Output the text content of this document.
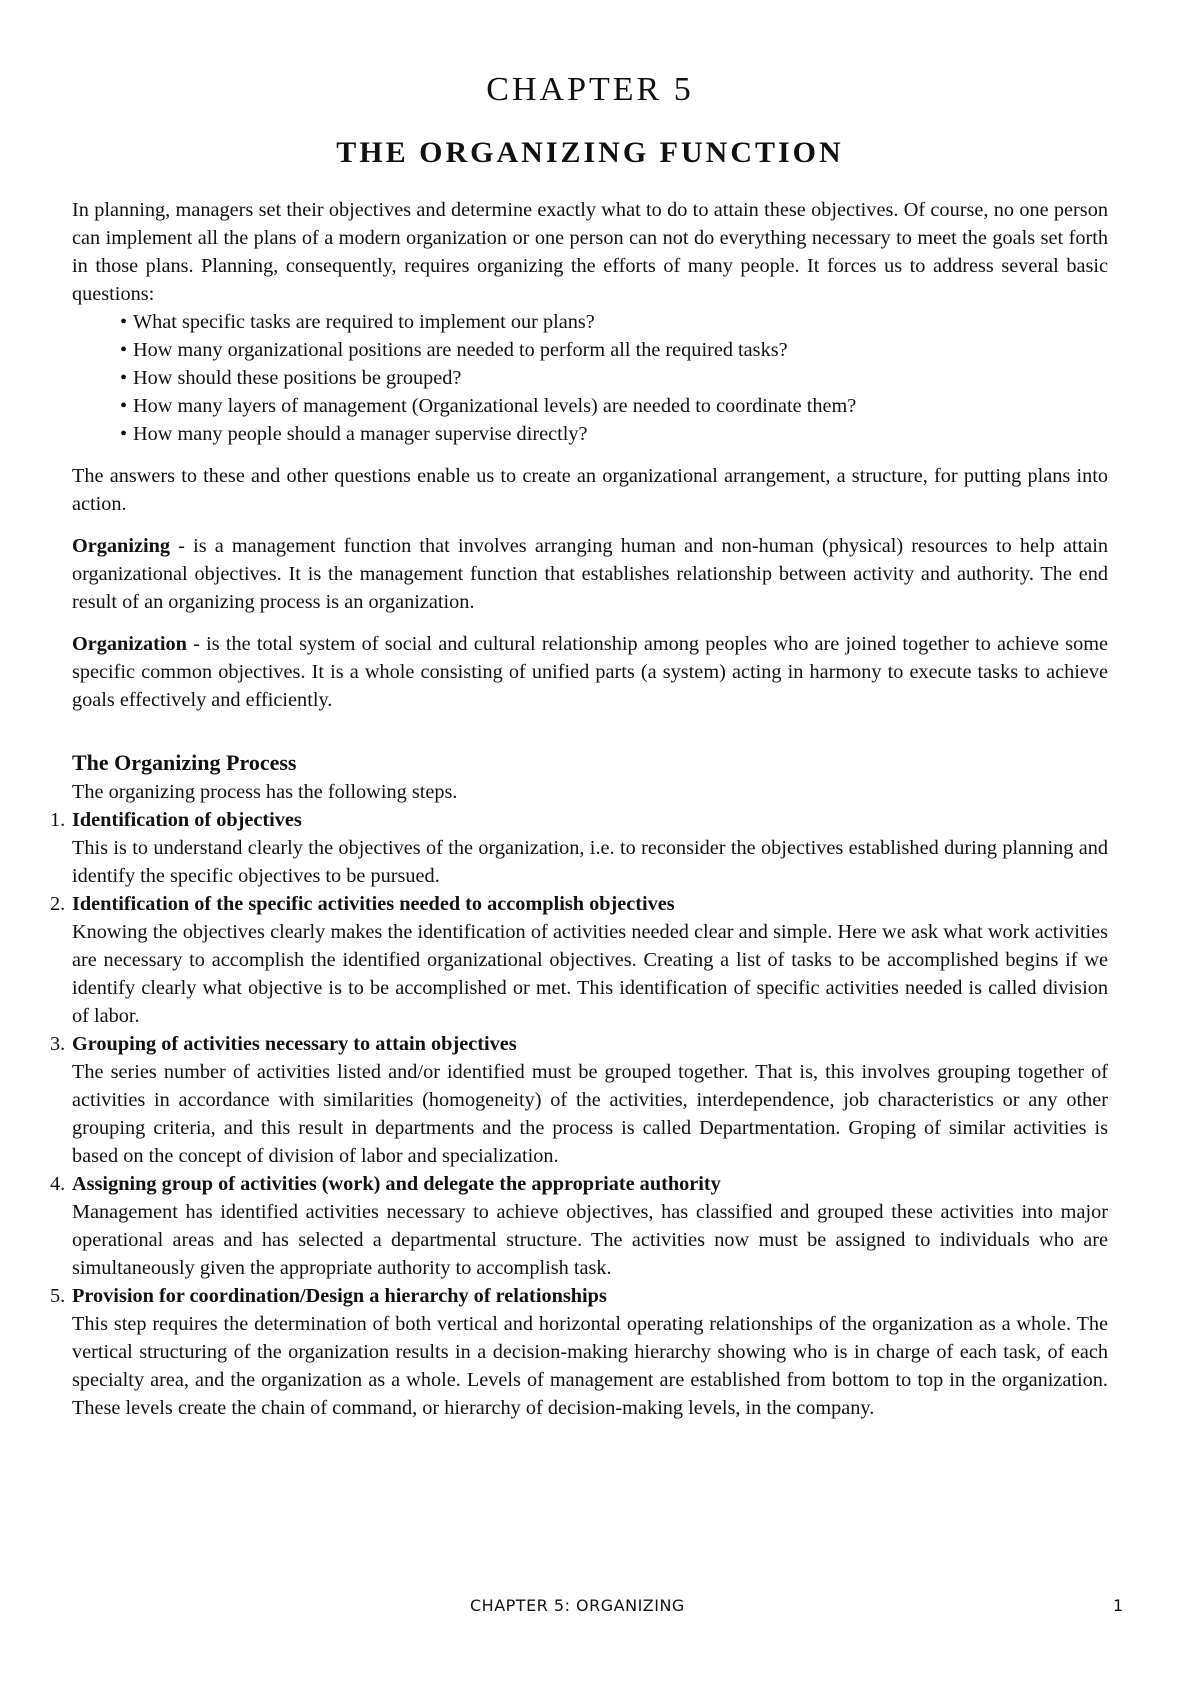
CHAPTER 5
THE ORGANIZING FUNCTION

In planning, managers set their objectives and determine exactly what to do to attain these objectives. Of course, no one person can implement all the plans of a modern organization or one person can not do everything necessary to meet the goals set forth in those plans. Planning, consequently, requires organizing the efforts of many people. It forces us to address several basic questions:

• What specific tasks are required to implement our plans?
• How many organizational positions are needed to perform all the required tasks?
• How should these positions be grouped?
• How many layers of management (Organizational levels) are needed to coordinate them?
• How many people should a manager supervise directly?

The answers to these and other questions enable us to create an organizational arrangement, a structure, for putting plans into action.

Organizing - is a management function that involves arranging human and non-human (physical) resources to help attain organizational objectives. It is the management function that establishes relationship between activity and authority. The end result of an organizing process is an organization.

Organization - is the total system of social and cultural relationship among peoples who are joined together to achieve some specific common objectives. It is a whole consisting of unified parts (a system) acting in harmony to execute tasks to achieve goals effectively and efficiently.

The Organizing Process
The organizing process has the following steps.
1. Identification of objectives
This is to understand clearly the objectives of the organization, i.e. to reconsider the objectives established during planning and identify the specific objectives to be pursued.
2. Identification of the specific activities needed to accomplish objectives
Knowing the objectives clearly makes the identification of activities needed clear and simple. Here we ask what work activities are necessary to accomplish the identified organizational objectives. Creating a list of tasks to be accomplished begins if we identify clearly what objective is to be accomplished or met. This identification of specific activities needed is called division of labor.
3. Grouping of activities necessary to attain objectives
The series number of activities listed and/or identified must be grouped together. That is, this involves grouping together of activities in accordance with similarities (homogeneity) of the activities, interdependence, job characteristics or any other grouping criteria, and this result in departments and the process is called Departmentation. Groping of similar activities is based on the concept of division of labor and specialization.
4. Assigning group of activities (work) and delegate the appropriate authority
Management has identified activities necessary to achieve objectives, has classified and grouped these activities into major operational areas and has selected a departmental structure. The activities now must be assigned to individuals who are simultaneously given the appropriate authority to accomplish task.
5. Provision for coordination/Design a hierarchy of relationships
This step requires the determination of both vertical and horizontal operating relationships of the organization as a whole. The vertical structuring of the organization results in a decision-making hierarchy showing who is in charge of each task, of each specialty area, and the organization as a whole. Levels of management are established from bottom to top in the organization. These levels create the chain of command, or hierarchy of decision-making levels, in the company.
CHAPTER 5: ORGANIZING	1
